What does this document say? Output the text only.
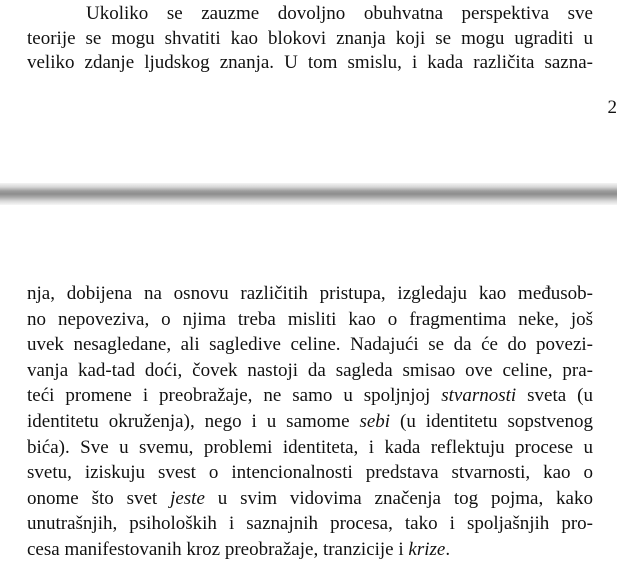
Ukoliko se zauzme dovoljno obuhvatna perspektiva sve
teorije se mogu shvatiti kao blokovi znanja koji se mogu ugraditi u
veliko zdanje ljudskog znanja. U tom smislu, i kada različita sazna-
2
nja, dobijena na osnovu različitih pristupa, izgledaju kao međusob-
no nepoveziva, o njima treba misliti kao o fragmentima neke, još
uvek nesagledane, ali sagledive celine. Nadajući se da će do povezi-
vanja kad-tad doći, čovek nastoji da sagleda smisao ove celine, pra-
teći promene i preobražaje, ne samo u spoljnjoj stvarnosti sveta (u
identitetu okruženja), nego i u samome sebi (u identitetu sopstvenog
bića). Sve u svemu, problemi identiteta, i kada reflektuju procese u
svetu, iziskuju svest o intencionalnosti predstava stvarnosti, kao o
onome što svet jeste u svim vidovima značenja tog pojma, kako
unutrašnjih, psiholoških i saznajnih procesa, tako i spoljašnjih pro-
cesa manifestovanih kroz preobražaje, tranzicije i krize.
